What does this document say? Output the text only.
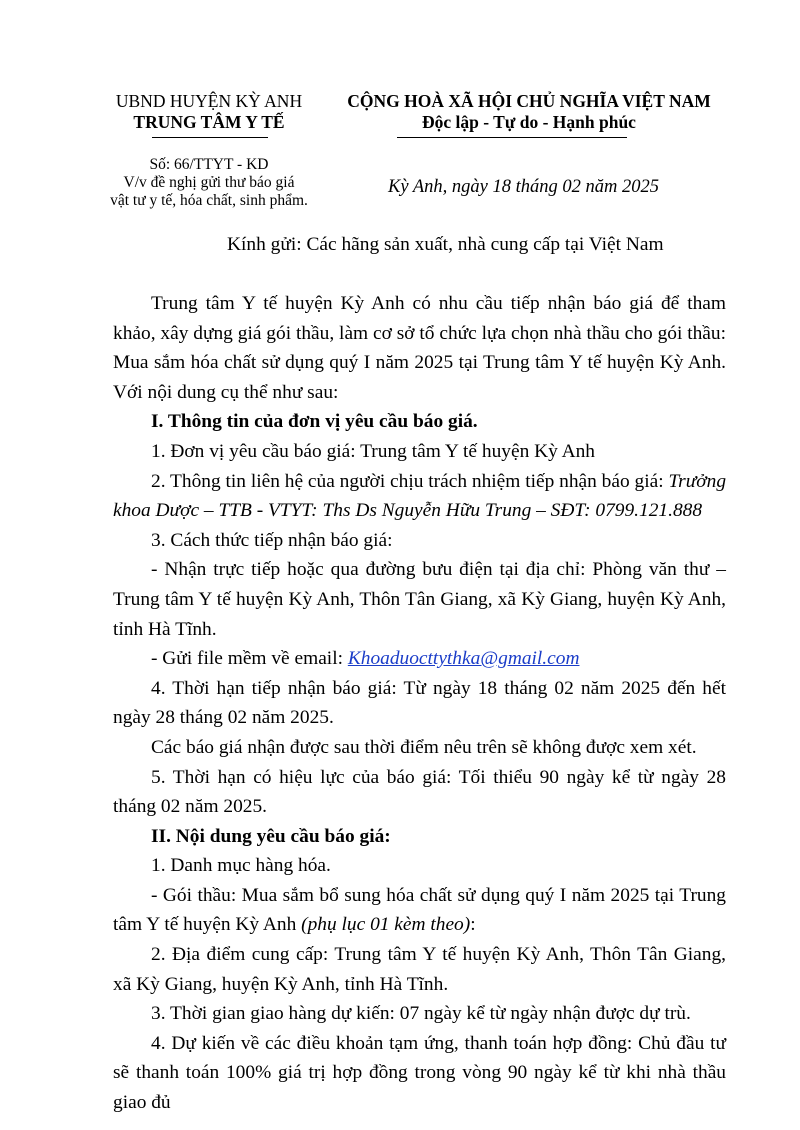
UBND HUYỆN KỲ ANH
TRUNG TÂM Y TẾ
CỘNG HOÀ XÃ HỘI CHỦ NGHĨA VIỆT NAM
Độc lập - Tự do - Hạnh phúc
Số: 66/TTYT - KD
V/v đề nghị gửi thư báo giá
vật tư y tế, hóa chất, sinh phẩm.
Kỳ Anh, ngày 18 tháng 02 năm 2025
Kính gửi: Các hãng sản xuất, nhà cung cấp tại Việt Nam

Trung tâm Y tế huyện Kỳ Anh có nhu cầu tiếp nhận báo giá để tham khảo, xây dựng giá gói thầu, làm cơ sở tổ chức lựa chọn nhà thầu cho gói thầu: Mua sắm hóa chất sử dụng quý I năm 2025 tại Trung tâm Y tế huyện Kỳ Anh. Với nội dung cụ thể như sau:

I. Thông tin của đơn vị yêu cầu báo giá.

1. Đơn vị yêu cầu báo giá: Trung tâm Y tế huyện Kỳ Anh

2. Thông tin liên hệ của người chịu trách nhiệm tiếp nhận báo giá: Trưởng khoa Dược – TTB - VTYT: Ths Ds Nguyễn Hữu Trung – SĐT: 0799.121.888

3. Cách thức tiếp nhận báo giá:

- Nhận trực tiếp hoặc qua đường bưu điện tại địa chỉ: Phòng văn thư – Trung tâm Y tế huyện Kỳ Anh, Thôn Tân Giang, xã Kỳ Giang, huyện Kỳ Anh, tỉnh Hà Tĩnh.

- Gửi file mềm về email: Khoaduocttythka@gmail.com

4. Thời hạn tiếp nhận báo giá: Từ ngày 18 tháng 02 năm 2025 đến hết ngày 28 tháng 02 năm 2025.

Các báo giá nhận được sau thời điểm nêu trên sẽ không được xem xét.

5. Thời hạn có hiệu lực của báo giá: Tối thiểu 90 ngày kể từ ngày 28 tháng 02 năm 2025.

II. Nội dung yêu cầu báo giá:

1. Danh mục hàng hóa.

- Gói thầu: Mua sắm bổ sung hóa chất sử dụng quý I năm 2025 tại Trung tâm Y tế huyện Kỳ Anh (phụ lục 01 kèm theo):

2. Địa điểm cung cấp: Trung tâm Y tế huyện Kỳ Anh, Thôn Tân Giang, xã Kỳ Giang, huyện Kỳ Anh, tỉnh Hà Tĩnh.

3. Thời gian giao hàng dự kiến: 07 ngày kể từ ngày nhận được dự trù.

4. Dự kiến về các điều khoản tạm ứng, thanh toán hợp đồng: Chủ đầu tư sẽ thanh toán 100% giá trị hợp đồng trong vòng 90 ngày kể từ khi nhà thầu giao đủ
